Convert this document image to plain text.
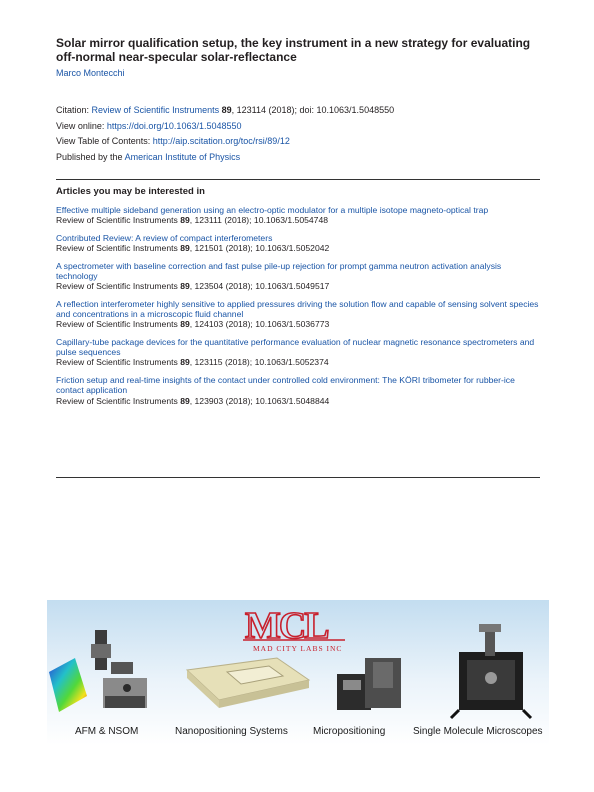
Solar mirror qualification setup, the key instrument in a new strategy for evaluating off-normal near-specular solar-reflectance
Marco Montecchi
Citation: Review of Scientific Instruments 89, 123114 (2018); doi: 10.1063/1.5048550
View online: https://doi.org/10.1063/1.5048550
View Table of Contents: http://aip.scitation.org/toc/rsi/89/12
Published by the American Institute of Physics
Articles you may be interested in
Effective multiple sideband generation using an electro-optic modulator for a multiple isotope magneto-optical trap
Review of Scientific Instruments 89, 123111 (2018); 10.1063/1.5054748
Contributed Review: A review of compact interferometers
Review of Scientific Instruments 89, 121501 (2018); 10.1063/1.5052042
A spectrometer with baseline correction and fast pulse pile-up rejection for prompt gamma neutron activation analysis technology
Review of Scientific Instruments 89, 123504 (2018); 10.1063/1.5049517
A reflection interferometer highly sensitive to applied pressures driving the solution flow and capable of sensing solvent species and concentrations in a microscopic fluid channel
Review of Scientific Instruments 89, 124103 (2018); 10.1063/1.5036773
Capillary-tube package devices for the quantitative performance evaluation of nuclear magnetic resonance spectrometers and pulse sequences
Review of Scientific Instruments 89, 123115 (2018); 10.1063/1.5052374
Friction setup and real-time insights of the contact under controlled cold environment: The KÖRI tribometer for rubber-ice contact application
Review of Scientific Instruments 89, 123903 (2018); 10.1063/1.5048844
MCL
MAD CITY LABS INC
AFM & NSOM	Nanopositioning Systems	Micropositioning	Single Molecule Microscopes
